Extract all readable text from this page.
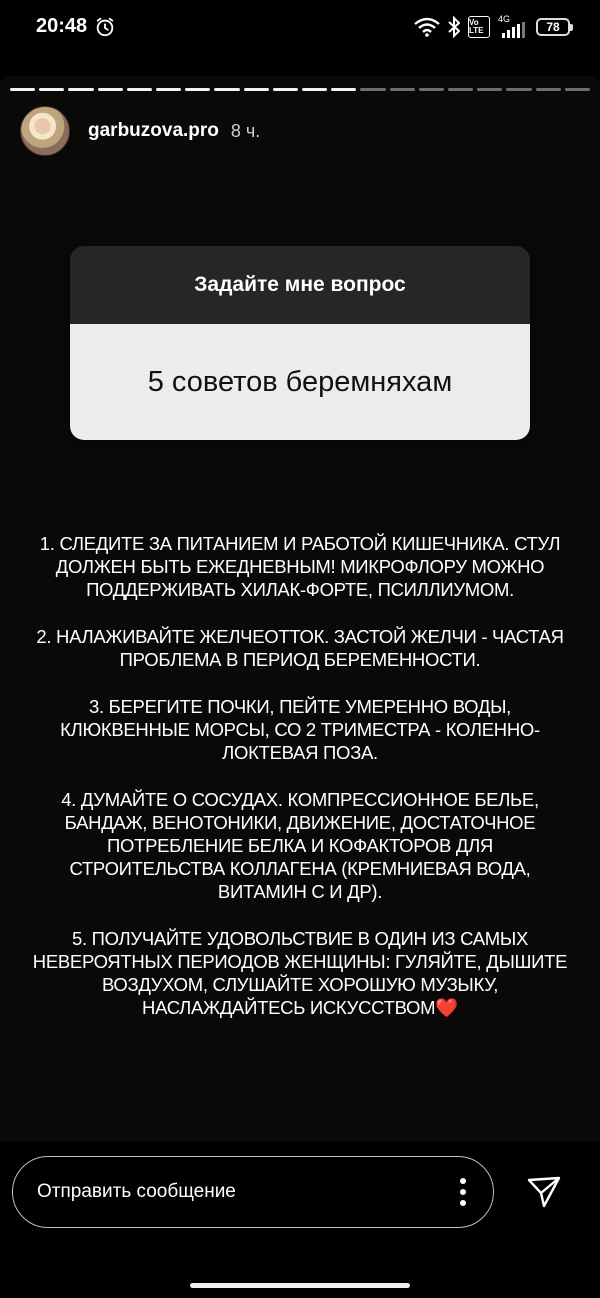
20:48	Vo LTE
4G
78
garbuzova.pro 8 ч.
Задайте мне вопрос
5 советов беремняхам

1. СЛЕДИТЕ ЗА ПИТАНИЕМ И РАБОТОЙ КИШЕЧНИКА. СТУЛ ДОЛЖЕН БЫТЬ ЕЖЕДНЕВНЫМ! МИКРОФЛОРУ МОЖНО ПОДДЕРЖИВАТЬ ХИЛАК-ФОРТЕ, ПСИЛЛИУМОМ.

2. НАЛАЖИВАЙТЕ ЖЕЛЧЕОТТОК. ЗАСТОЙ ЖЕЛЧИ - ЧАСТАЯ ПРОБЛЕМА В ПЕРИОД БЕРЕМЕННОСТИ.

3. БЕРЕГИТЕ ПОЧКИ, ПЕЙТЕ УМЕРЕННО ВОДЫ, КЛЮКВЕННЫЕ МОРСЫ, СО 2 ТРИМЕСТРА - КОЛЕННО-ЛОКТЕВАЯ ПОЗА.

4. ДУМАЙТЕ О СОСУДАХ. КОМПРЕССИОННОЕ БЕЛЬЕ, БАНДАЖ, ВЕНОТОНИКИ, ДВИЖЕНИЕ, ДОСТАТОЧНОЕ ПОТРЕБЛЕНИЕ БЕЛКА И КОФАКТОРОВ ДЛЯ СТРОИТЕЛЬСТВА КОЛЛАГЕНА (КРЕМНИЕВАЯ ВОДА, ВИТАМИН С И ДР).

5. ПОЛУЧАЙТЕ УДОВОЛЬСТВИЕ В ОДИН ИЗ САМЫХ НЕВЕРОЯТНЫХ ПЕРИОДОВ ЖЕНЩИНЫ: ГУЛЯЙТЕ, ДЫШИТЕ ВОЗДУХОМ, СЛУШАЙТЕ ХОРОШУЮ МУЗЫКУ, НАСЛАЖДАЙТЕСЬ ИСКУССТВОМ❤️

Отправить сообщение
